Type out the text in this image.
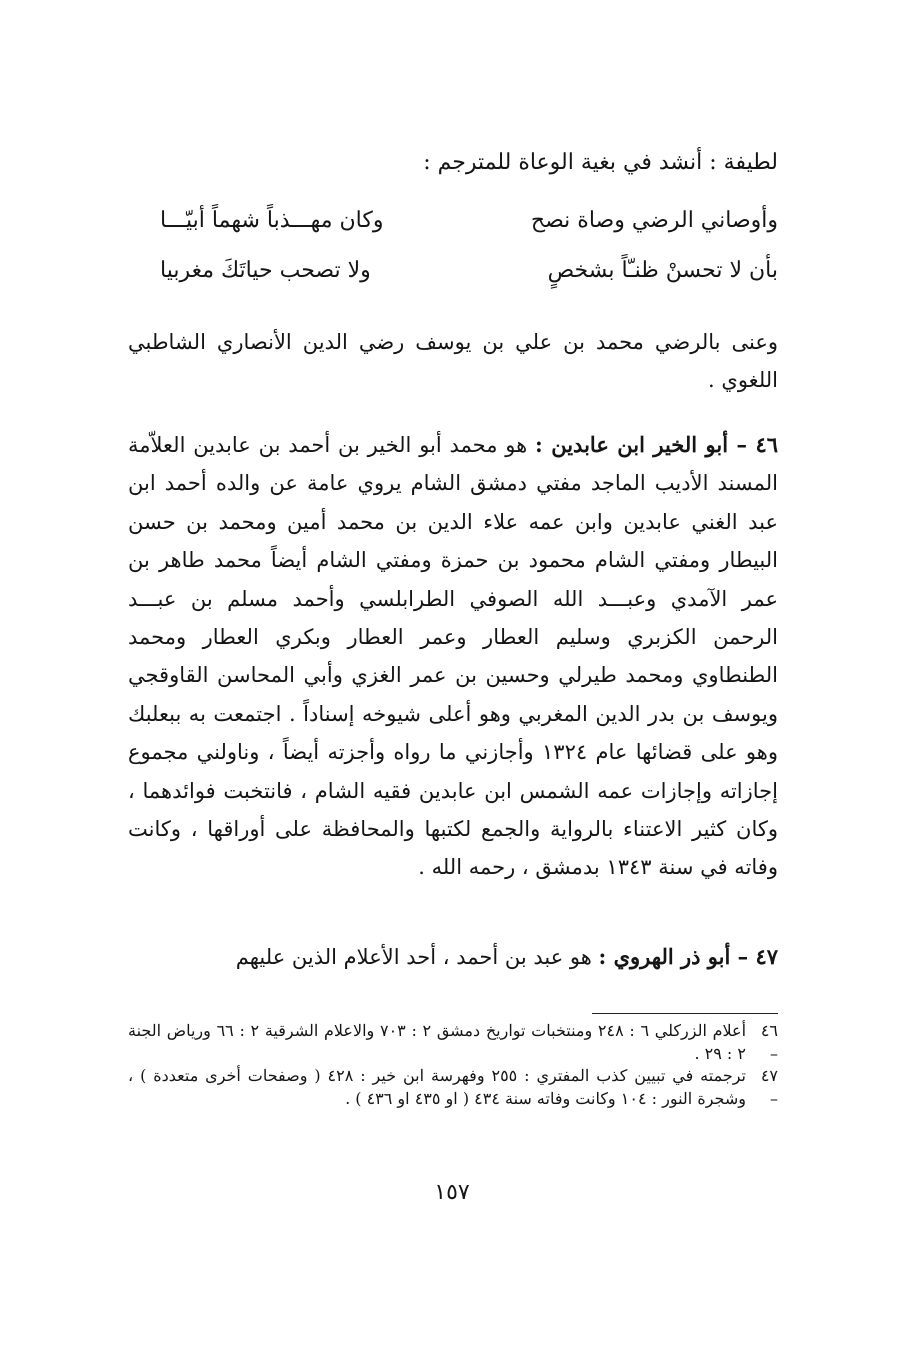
لطيفة : أنشد في بغية الوعاة للمترجم :
وأوصاني الرضي وصاة نصح
وكان مهـــذباً شهماً أبيّـــا
بأن لا تحسنْ ظنـّاً بشخصٍ
ولا تصحب حياتَكَ مغربيا
وعنى بالرضي محمد بن علي بن يوسف رضي الدين الأنصاري الشاطبي اللغوي .
٤٦ – أبو الخير ابن عابدين : هو محمد أبو الخير بن أحمد بن عابدين العلاّمة المسند الأديب الماجد مفتي دمشق الشام يروي عامة عن والده أحمد ابن عبد الغني عابدين وابن عمه علاء الدين بن محمد أمين ومحمد بن حسن البيطار ومفتي الشام محمود بن حمزة ومفتي الشام أيضاً محمد طاهر بن عمر الآمدي وعبـــد الله الصوفي الطرابلسي وأحمد مسلم بن عبـــد الرحمن الكزبري وسليم العطار وعمر العطار وبكري العطار ومحمد الطنطاوي ومحمد طيرلي وحسين بن عمر الغزي وأبي المحاسن القاوقجي ويوسف بن بدر الدين المغربي وهو أعلى شيوخه إسناداً . اجتمعت به ببعلبك وهو على قضائها عام ١٣٢٤ وأجازني ما رواه وأجزته أيضاً ، وناولني مجموع إجازاته وإجازات عمه الشمس ابن عابدين فقيه الشام ، فانتخبت فوائدهما ، وكان كثير الاعتناء بالرواية والجمع لكتبها والمحافظة على أوراقها ، وكانت وفاته في سنة ١٣٤٣ بدمشق ، رحمه الله .
٤٧ – أبو ذر الهروي : هو عبد بن أحمد ، أحد الأعلام الذين عليهم
٤٦ –
أعلام الزركلي ٦ : ٢٤٨ ومنتخبات تواريخ دمشق ٢ : ٧٠٣ والاعلام الشرقية ٢ : ٦٦ ورياض الجنة ٢ : ٢٩ .
٤٧ –
ترجمته في تبيين كذب المفتري : ٢٥٥ وفهرسة ابن خير : ٤٢٨ ( وصفحات أخرى متعددة ) ، وشجرة النور : ١٠٤ وكانت وفاته سنة ٤٣٤ ( او ٤٣٥ او ٤٣٦ ) .
١٥٧
